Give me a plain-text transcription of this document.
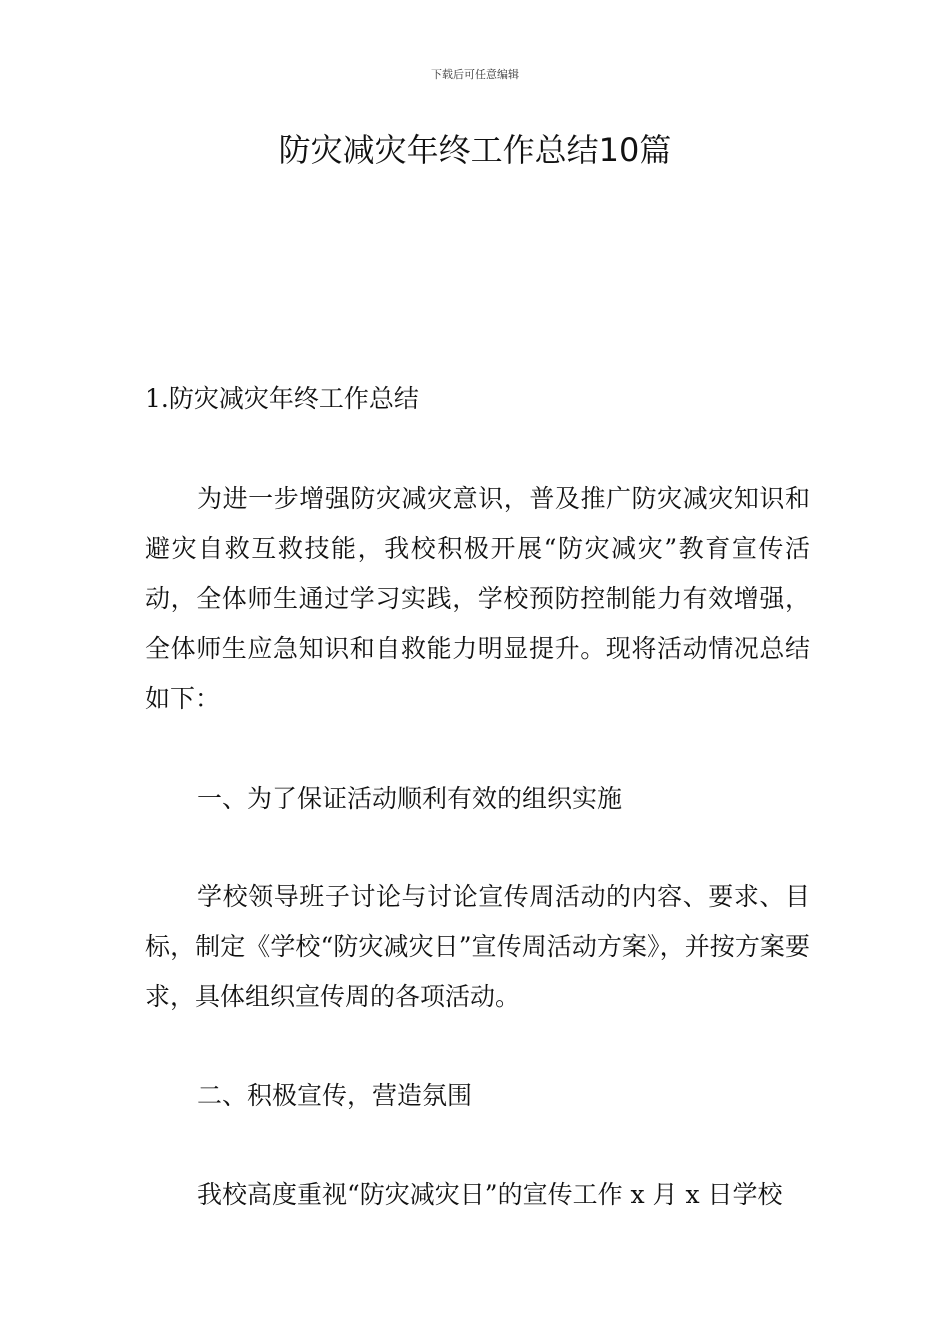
下载后可任意编辑
防灾减灾年终工作总结10篇

1.防灾减灾年终工作总结

为进一步增强防灾减灾意识，普及推广防灾减灾知识和避灾自救互救技能，我校积极开展“防灾减灾”教育宣传活动，全体师生通过学习实践，学校预防控制能力有效增强，全体师生应急知识和自救能力明显提升。现将活动情况总结如下：

一、为了保证活动顺利有效的组织实施

学校领导班子讨论与讨论宣传周活动的内容、要求、目标，制定《学校“防灾减灾日”宣传周活动方案》，并按方案要求，具体组织宣传周的各项活动。

二、积极宣传，营造氛围

我校高度重视“防灾减灾日”的宣传工作 x 月 x 日学校
